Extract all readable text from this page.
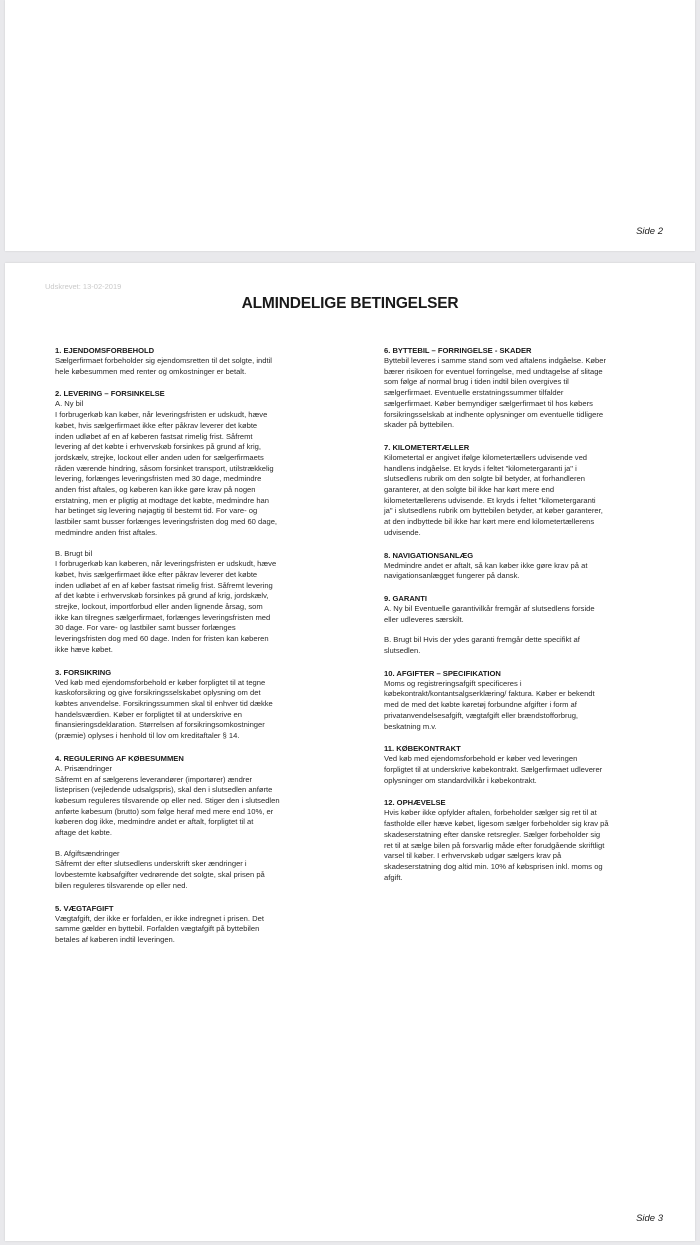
Side 2
Udskrevet: 13-02-2019
ALMINDELIGE BETINGELSER
1. EJENDOMSFORBEHOLD
Sælgerfirmaet forbeholder sig ejendomsretten til det solgte, indtil
hele købesummen med renter og omkostninger er betalt.
2. LEVERING – FORSINKELSE
A. Ny bil
I forbrugerkøb kan køber, når leveringsfristen er udskudt, hæve
købet, hvis sælgerfirmaet ikke efter påkrav leverer det købte
inden udløbet af en af køberen fastsat rimelig frist. Såfremt
levering af det købte i erhvervskøb forsinkes på grund af krig,
jordskælv, strejke, lockout eller anden uden for sælgerfirmaets
råden værende hindring, såsom forsinket transport, utilstrækkelig
levering, forlænges leveringsfristen med 30 dage, medmindre
anden frist aftales, og køberen kan ikke gøre krav på nogen
erstatning, men er pligtig at modtage det købte, medmindre han
har betinget sig levering nøjagtig til bestemt tid. For vare- og
lastbiler samt busser forlænges leveringsfristen dog med 60 dage,
medmindre anden frist aftales.
B. Brugt bil
I forbrugerkøb kan køberen, når leveringsfristen er udskudt, hæve
købet, hvis sælgerfirmaet ikke efter påkrav leverer det købte
inden udløbet af en af køber fastsat rimelig frist. Såfremt levering
af det købte i erhvervskøb forsinkes på grund af krig, jordskælv,
strejke, lockout, importforbud eller anden lignende årsag, som
ikke kan tilregnes sælgerfirmaet, forlænges leveringsfristen med
30 dage. For vare- og lastbiler samt busser forlænges
leveringsfristen dog med 60 dage. Inden for fristen kan køberen
ikke hæve købet.
3. FORSIKRING
Ved køb med ejendomsforbehold er køber forpligtet til at tegne
kaskoforsikring og give forsikringsselskabet oplysning om det
købtes anvendelse. Forsikringssummen skal til enhver tid dække
handelsværdien. Køber er forpligtet til at underskrive en
finansieringsdeklaration. Størrelsen af forsikringsomkostninger
(præmie) oplyses i henhold til lov om kreditaftaler § 14.
4. REGULERING AF KØBESUMMEN
A. Prisændringer
Såfremt en af sælgerens leverandører (importører) ændrer
listeprisen (vejledende udsalgspris), skal den i slutsedlen anførte
købesum reguleres tilsvarende op eller ned. Stiger den i slutsedlen
anførte købesum (brutto) som følge heraf med mere end 10%, er
køberen dog ikke, medmindre andet er aftalt, forpligtet til at
aftage det købte.
B. Afgiftsændringer
Såfremt der efter slutsedlens underskrift sker ændringer i
lovbestemte købsafgifter vedrørende det solgte, skal prisen på
bilen reguleres tilsvarende op eller ned.
5. VÆGTAFGIFT
Vægtafgift, der ikke er forfalden, er ikke indregnet i prisen. Det
samme gælder en byttebil. Forfalden vægtafgift på byttebilen
betales af køberen indtil leveringen.
6. BYTTEBIL – FORRINGELSE - SKADER
Byttebil leveres i samme stand som ved aftalens indgåelse. Køber
bærer risikoen for eventuel forringelse, med undtagelse af slitage
som følge af normal brug i tiden indtil bilen overgives til
sælgerfirmaet. Eventuelle erstatningssummer tilfalder
sælgerfirmaet. Køber bemyndiger sælgerfirmaet til hos købers
forsikringsselskab at indhente oplysninger om eventuelle tidligere
skader på byttebilen.
7. KILOMETERTÆLLER
Kilometertal er angivet ifølge kilometertællers udvisende ved
handlens indgåelse. Et kryds i feltet "kilometergaranti ja" i
slutsedlens rubrik om den solgte bil betyder, at forhandleren
garanterer, at den solgte bil ikke har kørt mere end
kilometertællerens udvisende. Et kryds i feltet "kilometergaranti
ja" i slutsedlens rubrik om byttebilen betyder, at køber garanterer,
at den indbyttede bil ikke har kørt mere end kilometertællerens
udvisende.
8. NAVIGATIONSANLÆG
Medmindre andet er aftalt, så kan køber ikke gøre krav på at
navigationsanlægget fungerer på dansk.
9. GARANTI
A. Ny bil Eventuelle garantivilkår fremgår af slutsedlens forside
eller udleveres særskilt.
B. Brugt bil Hvis der ydes garanti fremgår dette specifikt af
slutsedlen.
10. AFGIFTER – SPECIFIKATION
Moms og registreringsafgift specificeres i
købekontrakt/kontantsalgserklæring/ faktura. Køber er bekendt
med de med det købte køretøj forbundne afgifter i form af
privatanvendelsesafgift, vægtafgift eller brændstofforbrug,
beskatning m.v.
11. KØBEKONTRAKT
Ved køb med ejendomsforbehold er køber ved leveringen
forpligtet til at underskrive købekontrakt. Sælgerfirmaet udleverer
oplysninger om standardvilkår i købekontrakt.
12. OPHÆVELSE
Hvis køber ikke opfylder aftalen, forbeholder sælger sig ret til at
fastholde eller hæve købet, ligesom sælger forbeholder sig krav på
skadeserstatning efter danske retsregler. Sælger forbeholder sig
ret til at sælge bilen på forsvarlig måde efter forudgående skriftligt
varsel til køber. I erhvervskøb udgør sælgers krav på
skadeserstatning dog altid min. 10% af købsprisen inkl. moms og
afgift.
Side 3
